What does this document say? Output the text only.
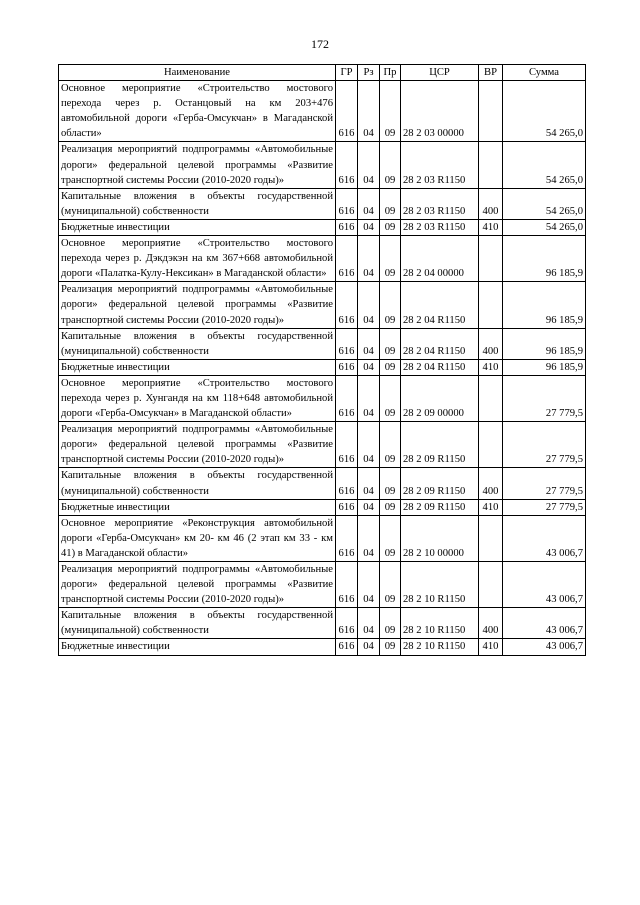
172
Наименование	ГР	Рз	Пр	ЦСР	ВР	Сумма
Основное мероприятие «Строительство мостового перехода через р. Останцовый на км 203+476 автомобильной дороги «Герба-Омсукчан» в Магаданской области»	616	04	09	28 2 03 00000		54 265,0
Реализация мероприятий подпрограммы «Автомобильные дороги» федеральной целевой программы «Развитие транспортной системы России (2010-2020 годы)»	616	04	09	28 2 03 R1150		54 265,0
Капитальные вложения в объекты государственной (муниципальной) собственности	616	04	09	28 2 03 R1150	400	54 265,0
Бюджетные инвестиции	616	04	09	28 2 03 R1150	410	54 265,0
Основное мероприятие «Строительство мостового перехода через р. Дэкдэкэн на км 367+668 автомобильной дороги «Палатка-Кулу-Нексикан» в Магаданской области»	616	04	09	28 2 04 00000		96 185,9
Реализация мероприятий подпрограммы «Автомобильные дороги» федеральной целевой программы «Развитие транспортной системы России (2010-2020 годы)»	616	04	09	28 2 04 R1150		96 185,9
Капитальные вложения в объекты государственной (муниципальной) собственности	616	04	09	28 2 04 R1150	400	96 185,9
Бюджетные инвестиции	616	04	09	28 2 04 R1150	410	96 185,9
Основное мероприятие «Строительство мостового перехода через р. Хунгандя на км 118+648 автомобильной дороги «Герба-Омсукчан» в Магаданской области»	616	04	09	28 2 09 00000		27 779,5
Реализация мероприятий подпрограммы «Автомобильные дороги» федеральной целевой программы «Развитие транспортной системы России (2010-2020 годы)»	616	04	09	28 2 09 R1150		27 779,5
Капитальные вложения в объекты государственной (муниципальной) собственности	616	04	09	28 2 09 R1150	400	27 779,5
Бюджетные инвестиции	616	04	09	28 2 09 R1150	410	27 779,5
Основное мероприятие «Реконструкция автомобильной дороги «Герба-Омсукчан» км 20- км 46 (2 этап км 33 - км 41) в Магаданской области»	616	04	09	28 2 10 00000		43 006,7
Реализация мероприятий подпрограммы «Автомобильные дороги» федеральной целевой программы «Развитие транспортной системы России (2010-2020 годы)»	616	04	09	28 2 10 R1150		43 006,7
Капитальные вложения в объекты государственной (муниципальной) собственности	616	04	09	28 2 10 R1150	400	43 006,7
Бюджетные инвестиции	616	04	09	28 2 10 R1150	410	43 006,7
